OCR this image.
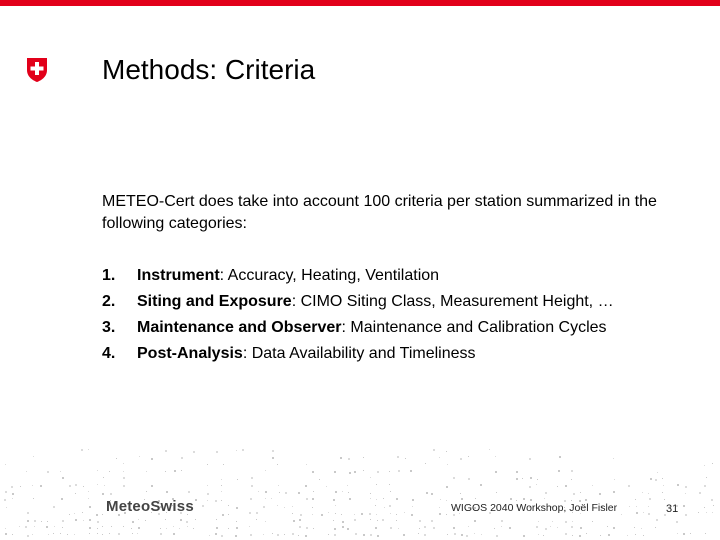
Methods: Criteria
METEO-Cert does take into account 100 criteria per station summarized in the following categories:
1. Instrument: Accuracy, Heating, Ventilation
2. Siting and Exposure: CIMO Siting Class, Measurement Height, …
3. Maintenance and Observer: Maintenance and Calibration Cycles
4. Post-Analysis: Data Availability and Timeliness
MeteoSwiss	WIGOS 2040 Workshop, Joël Fisler	31
